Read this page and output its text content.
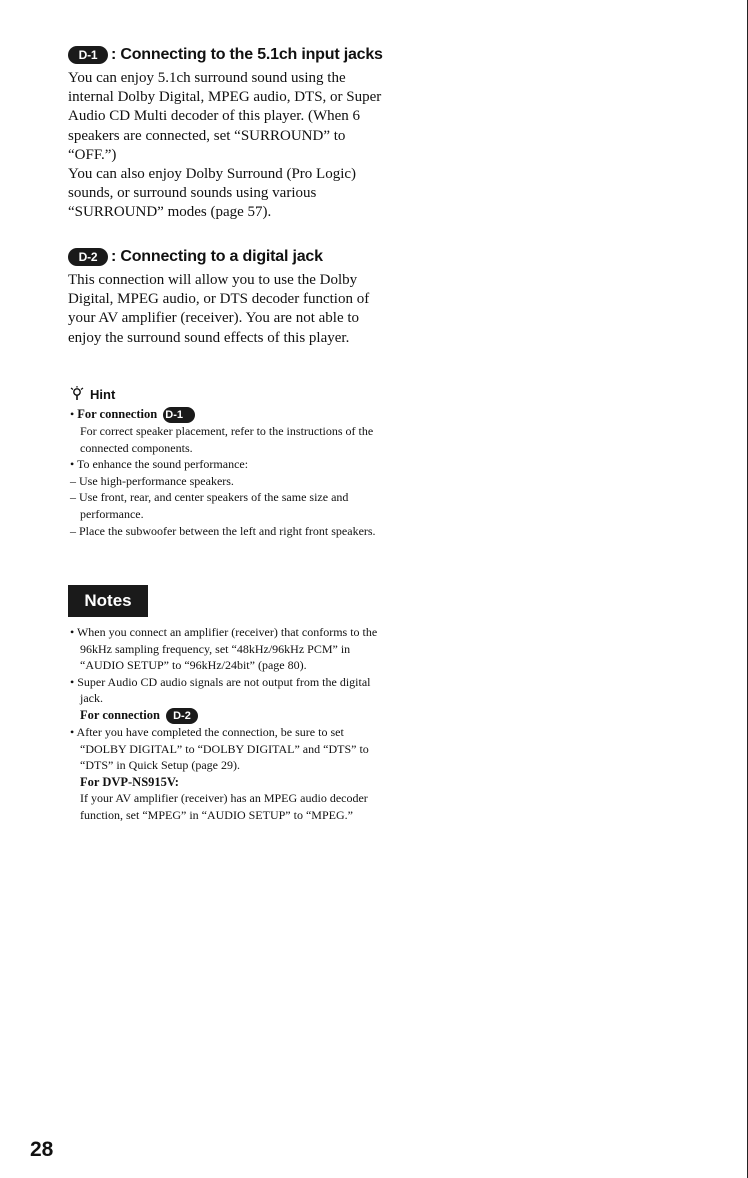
D-1 : Connecting to the 5.1ch input jacks

You can enjoy 5.1ch surround sound using the internal Dolby Digital, MPEG audio, DTS, or Super Audio CD Multi decoder of this player. (When 6 speakers are connected, set “SURROUND” to “OFF.”)

You can also enjoy Dolby Surround (Pro Logic) sounds, or surround sounds using various “SURROUND” modes (page 57).

D-2 : Connecting to a digital jack

This connection will allow you to use the Dolby Digital, MPEG audio, or DTS decoder function of your AV amplifier (receiver). You are not able to enjoy the surround sound effects of this player.

Hint
• For connection D-1
For correct speaker placement, refer to the instructions of the connected components.
• To enhance the sound performance:
– Use high-performance speakers.
– Use front, rear, and center speakers of the same size and performance.
– Place the subwoofer between the left and right front speakers.
Notes
• When you connect an amplifier (receiver) that conforms to the 96kHz sampling frequency, set “48kHz/96kHz PCM” in “AUDIO SETUP” to “96kHz/24bit” (page 80).
• Super Audio CD audio signals are not output from the digital jack.
For connection D-2
• After you have completed the connection, be sure to set “DOLBY DIGITAL” to “DOLBY DIGITAL” and “DTS” to “DTS” in Quick Setup (page 29).
For DVP-NS915V:
If your AV amplifier (receiver) has an MPEG audio decoder function, set “MPEG” in “AUDIO SETUP” to “MPEG.”
28
